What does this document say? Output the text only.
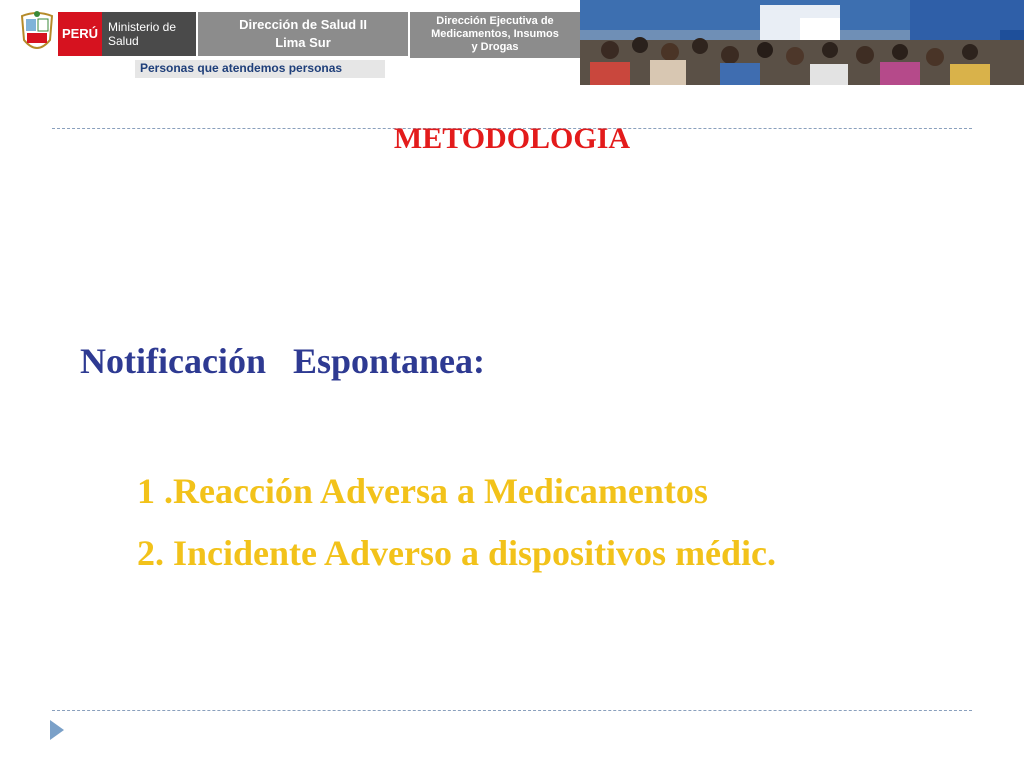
PERÚ Ministerio de Salud
Dirección de Salud II
Lima Sur
Dirección Ejecutiva de
Medicamentos, Insumos
y Drogas
Personas que atendemos personas
METODOLOGIA
Notificación   Espontanea:
1 .Reacción Adversa a Medicamentos
2. Incidente Adverso a dispositivos médic.
